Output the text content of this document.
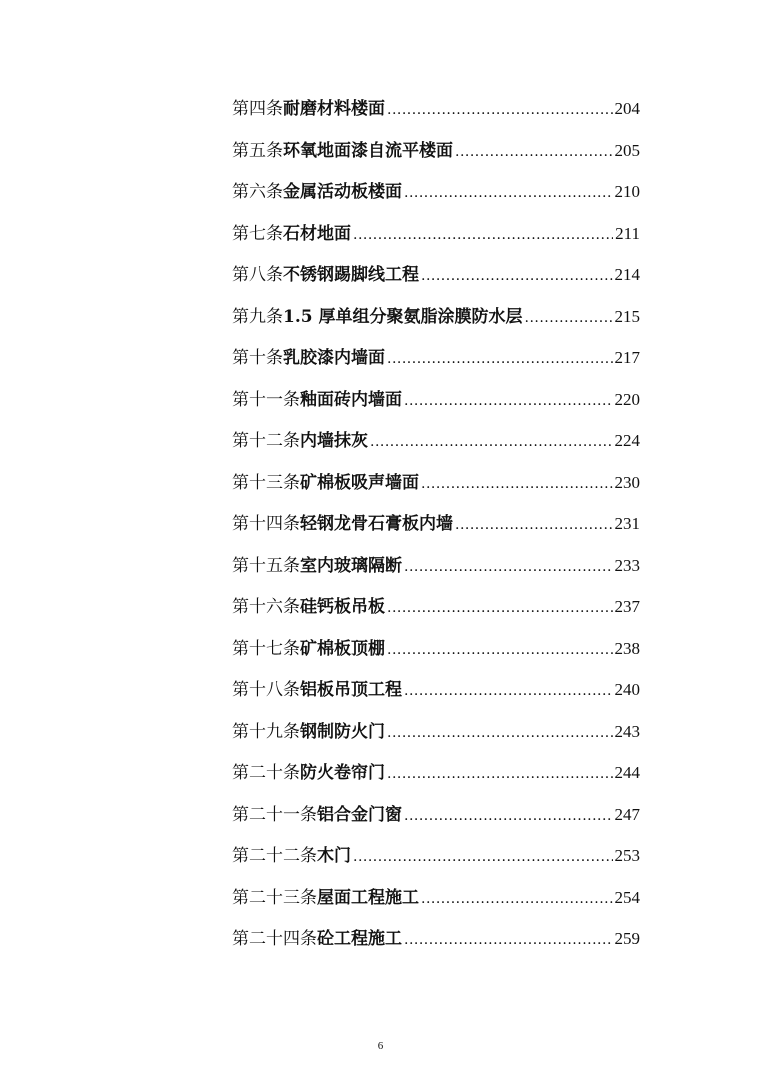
第四条 耐磨材料楼面 .....	204
第五条 环氧地面漆自流平楼面 .....	205
第六条 金属活动板楼面 .....	210
第七条 石材地面 .....	211
第八条 不锈钢踢脚线工程 .....	214
第九条 1.5 厚单组分聚氨脂涂膜防水层 .....	215
第十条 乳胶漆内墙面 .....	217
第十一条 釉面砖内墙面 .....	220
第十二条 内墙抹灰 .....	224
第十三条 矿棉板吸声墙面 .....	230
第十四条 轻钢龙骨石膏板内墙 .....	231
第十五条 室内玻璃隔断 .....	233
第十六条 硅钙板吊板 .....	237
第十七条 矿棉板顶棚 .....	238
第十八条 铝板吊顶工程 .....	240
第十九条 钢制防火门 .....	243
第二十条 防火卷帘门 .....	244
第二十一条 铝合金门窗 .....	247
第二十二条 木门 .....	253
第二十三条 屋面工程施工 .....	254
第二十四条 砼工程施工 .....	259
6
